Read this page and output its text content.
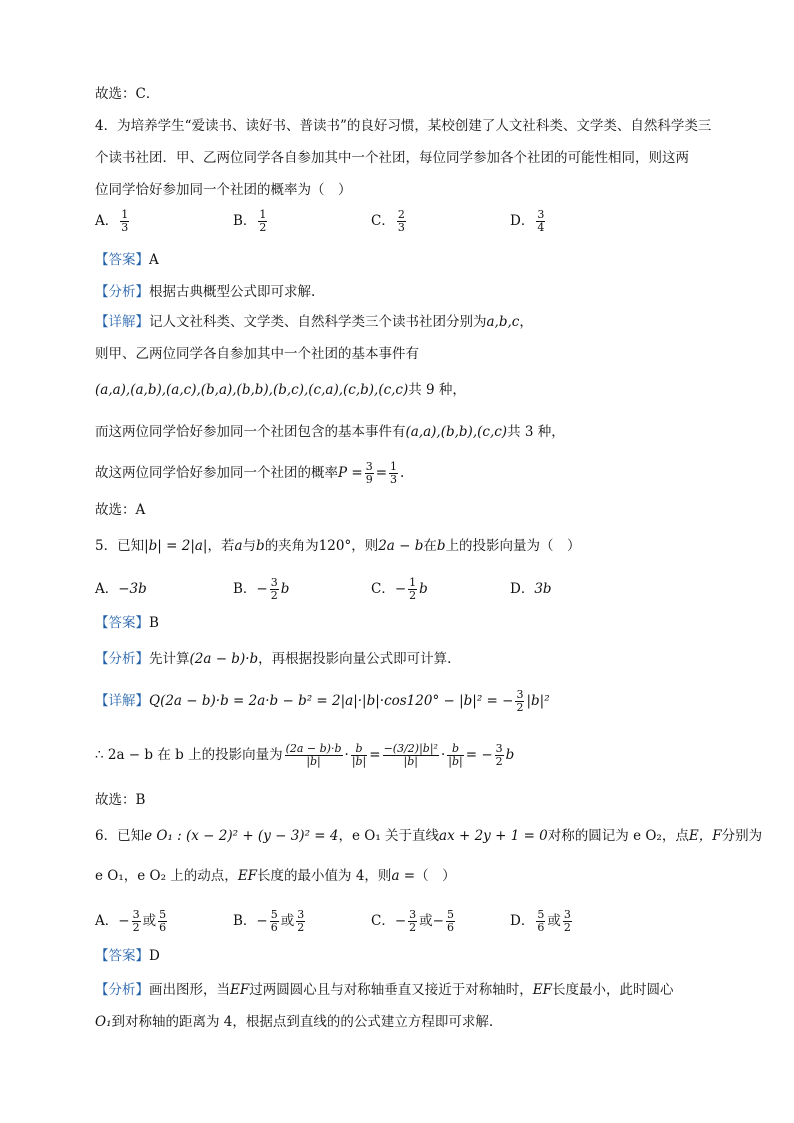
故选：C．
4．为培养学生“爱读书、读好书、普读书”的良好习惯，某校创建了人文社科类、文学类、自然科学类三
个读书社团．甲、乙两位同学各自参加其中一个社团，每位同学参加各个社团的可能性相同，则这两
位同学恰好参加同一个社团的概率为（　）
A． $\frac{1}{3}$	B． $\frac{1}{2}$	C． $\frac{2}{3}$	D． $\frac{3}{4}$
【答案】A
【分析】根据古典概型公式即可求解.
【详解】记人文社科类、文学类、自然科学类三个读书社团分别为a,b,c，
则甲、乙两位同学各自参加其中一个社团的基本事件有
(a,a),(a,b),(a,c),(b,a),(b,b),(b,c),(c,a),(c,b),(c,c)共 9 种，
而这两位同学恰好参加同一个社团包含的基本事件有(a,a),(b,b),(c,c)共 3 种，
故这两位同学恰好参加同一个社团的概率$P = \frac{3}{9} = \frac{1}{3}$ .
故选：A
5．已知|b| = 2|a|，若a与b的夹角为120°，则2a − b在b上的投影向量为（　）
A．−3b	B．− $\frac{3}{2}$ b	C．− $\frac{1}{2}$ b	D．3b
【答案】B
【分析】先计算(2a − b)·b，再根据投影向量公式即可计算.
【详解】Q(2a − b)·b = 2a·b − b² = 2|a|·|b|·cos120° − |b|² = − $\frac{3}{2} |b|^2$
∴ 2a − b 在 b 上的投影向量为 $\frac{(2a - b)\cdot b}{|b|} \cdot \frac{b}{|b|} = \frac{\text{−(3/2)|b|²}}{|b|} \cdot \frac{b}{|b|}$ = − $\frac{3}{2}$ b
故选：B
6．已知e O₁ : (x − 2)² + (y − 3)² = 4，e O₁ 关于直线ax + 2y + 1 = 0对称的圆记为 e O₂，点E，F分别为
e O₁，e O₂ 上的动点，EF长度的最小值为 4，则a =（　）
A．− $\frac{3}{2}$ 或 $\frac{5}{6}$	B．− $\frac{5}{6}$ 或 $\frac{3}{2}$	C．− $\frac{3}{2}$ 或− $\frac{5}{6}$	D． $\frac{5}{6}$ 或 $\frac{3}{2}$
【答案】D
【分析】画出图形，当EF过两圆圆心且与对称轴垂直又接近于对称轴时，EF长度最小，此时圆心
O₁到对称轴的距离为 4，根据点到直线的的公式建立方程即可求解.
